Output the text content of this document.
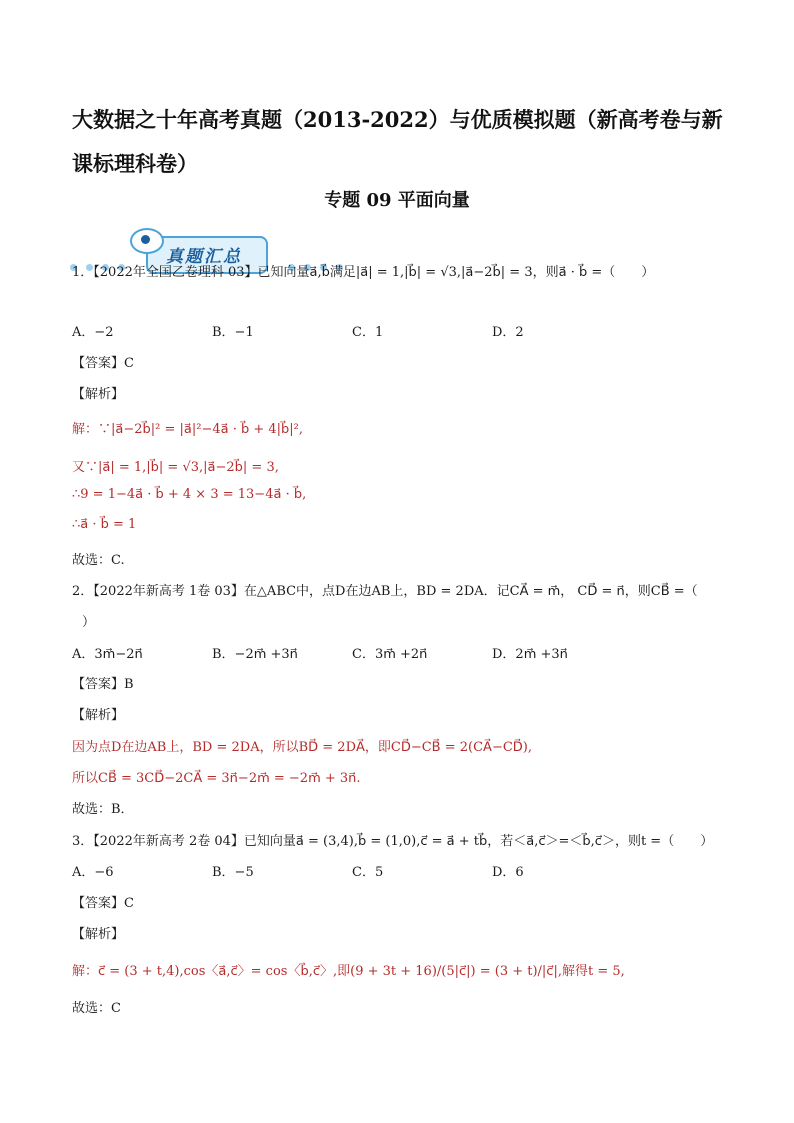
大数据之十年高考真题（2013-2022）与优质模拟题（新高考卷与新课标理科卷）
专题 09 平面向量
真题汇总
1．【2022年全国乙卷理科 03】已知向量a⃗,b⃗满足|a⃗| = 1,|b⃗| = √3,|a⃗−2b⃗| = 3，则a⃗ · b⃗ =（　　）
A．−2	B．−1	C．1	D．2
【答案】C
【解析】
解：∵|a⃗−2b⃗|² = |a⃗|²−4a⃗ · b⃗ + 4|b⃗|²,
又∵|a⃗| = 1,|b⃗| = √3,|a⃗−2b⃗| = 3,
∴9 = 1−4a⃗ · b⃗ + 4 × 3 = 13−4a⃗ · b⃗,
∴a⃗ · b⃗ = 1
故选：C.
2．【2022年新高考 1卷 03】在△ABC中，点D在边AB上，BD = 2DA．记CA⃗ = m⃗， CD⃗ = n⃗，则CB⃗ =（
）
A．3m⃗−2n⃗	B．−2m⃗ +3n⃗	C．3m⃗ +2n⃗	D．2m⃗ +3n⃗
【答案】B
【解析】
因为点D在边AB上，BD = 2DA，所以BD⃗ = 2DA⃗，即CD⃗−CB⃗ = 2(CA⃗−CD⃗),
所以CB⃗ = 3CD⃗−2CA⃗ = 3n⃗−2m⃗ = −2m⃗ + 3n⃗.
故选：B．
3．【2022年新高考 2卷 04】已知向量a⃗ = (3,4),b⃗ = (1,0),c⃗ = a⃗ + tb⃗，若＜a⃗,c⃗＞=＜b⃗,c⃗＞，则t =（　　）
A．−6	B．−5	C．5	D．6
【答案】C
【解析】
解：c⃗ = (3 + t,4),cos〈a⃗,c⃗〉= cos〈b⃗,c⃗〉,即(9 + 3t + 16)/(5|c⃗|) = (3 + t)/|c⃗|,解得t = 5,
故选：C
